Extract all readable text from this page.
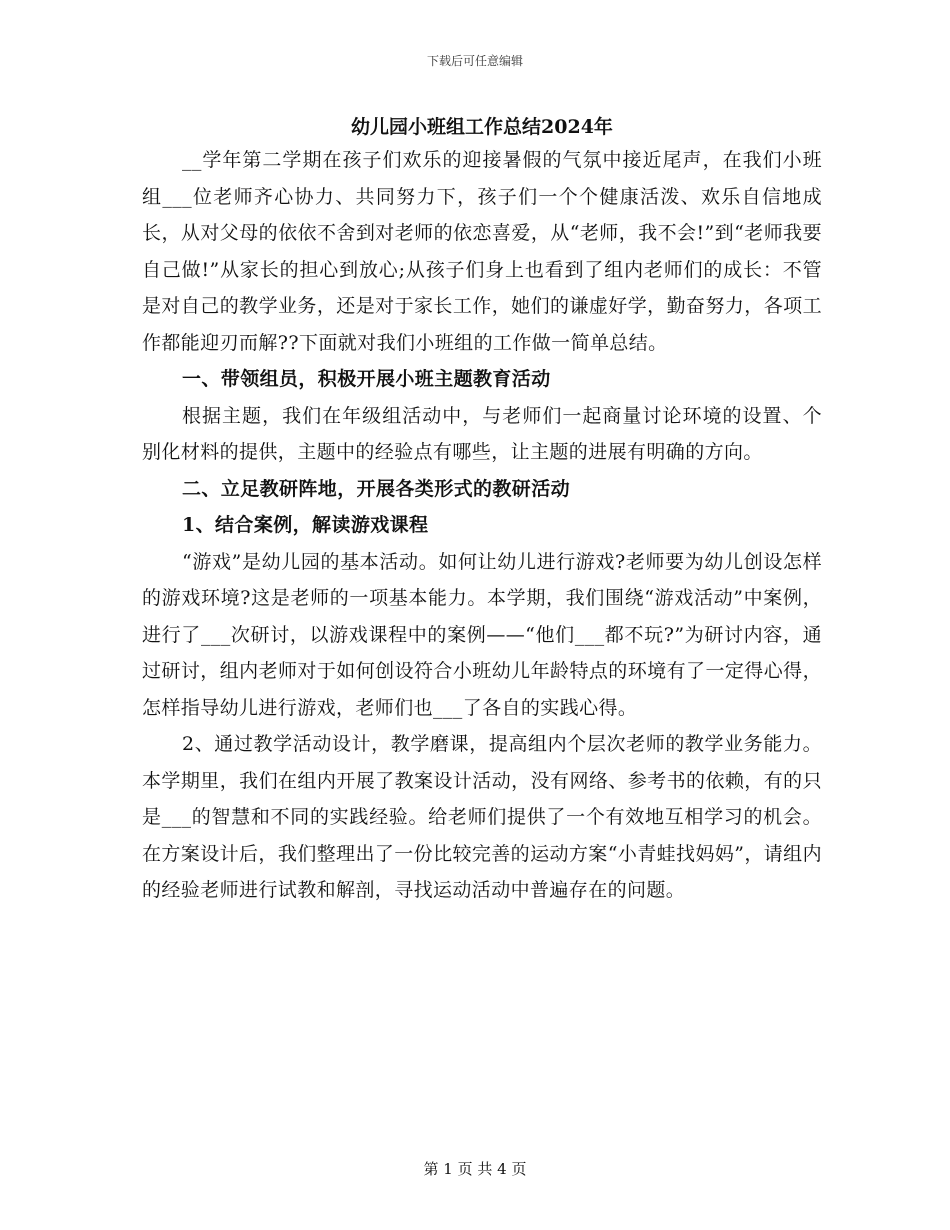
下载后可任意编辑

幼儿园小班组工作总结2024年

__学年第二学期在孩子们欢乐的迎接暑假的气氛中接近尾声，在我们小班组___位老师齐心协力、共同努力下，孩子们一个个健康活泼、欢乐自信地成长，从对父母的依依不舍到对老师的依恋喜爱，从“老师，我不会!”到“老师我要自己做!”从家长的担心到放心;从孩子们身上也看到了组内老师们的成长：不管是对自己的教学业务，还是对于家长工作，她们的谦虚好学，勤奋努力，各项工作都能迎刃而解??下面就对我们小班组的工作做一简单总结。

一、带领组员，积极开展小班主题教育活动

根据主题，我们在年级组活动中，与老师们一起商量讨论环境的设置、个别化材料的提供，主题中的经验点有哪些，让主题的进展有明确的方向。

二、立足教研阵地，开展各类形式的教研活动

1、结合案例，解读游戏课程

“游戏”是幼儿园的基本活动。如何让幼儿进行游戏?老师要为幼儿创设怎样的游戏环境?这是老师的一项基本能力。本学期，我们围绕“游戏活动”中案例，进行了___次研讨，以游戏课程中的案例——“他们___都不玩?”为研讨内容，通过研讨，组内老师对于如何创设符合小班幼儿年龄特点的环境有了一定得心得，怎样指导幼儿进行游戏，老师们也___了各自的实践心得。

2、通过教学活动设计，教学磨课，提高组内个层次老师的教学业务能力。本学期里，我们在组内开展了教案设计活动，没有网络、参考书的依赖，有的只是___的智慧和不同的实践经验。给老师们提供了一个有效地互相学习的机会。在方案设计后，我们整理出了一份比较完善的运动方案“小青蛙找妈妈”，请组内的经验老师进行试教和解剖，寻找运动活动中普遍存在的问题。

第 1 页 共 4 页
